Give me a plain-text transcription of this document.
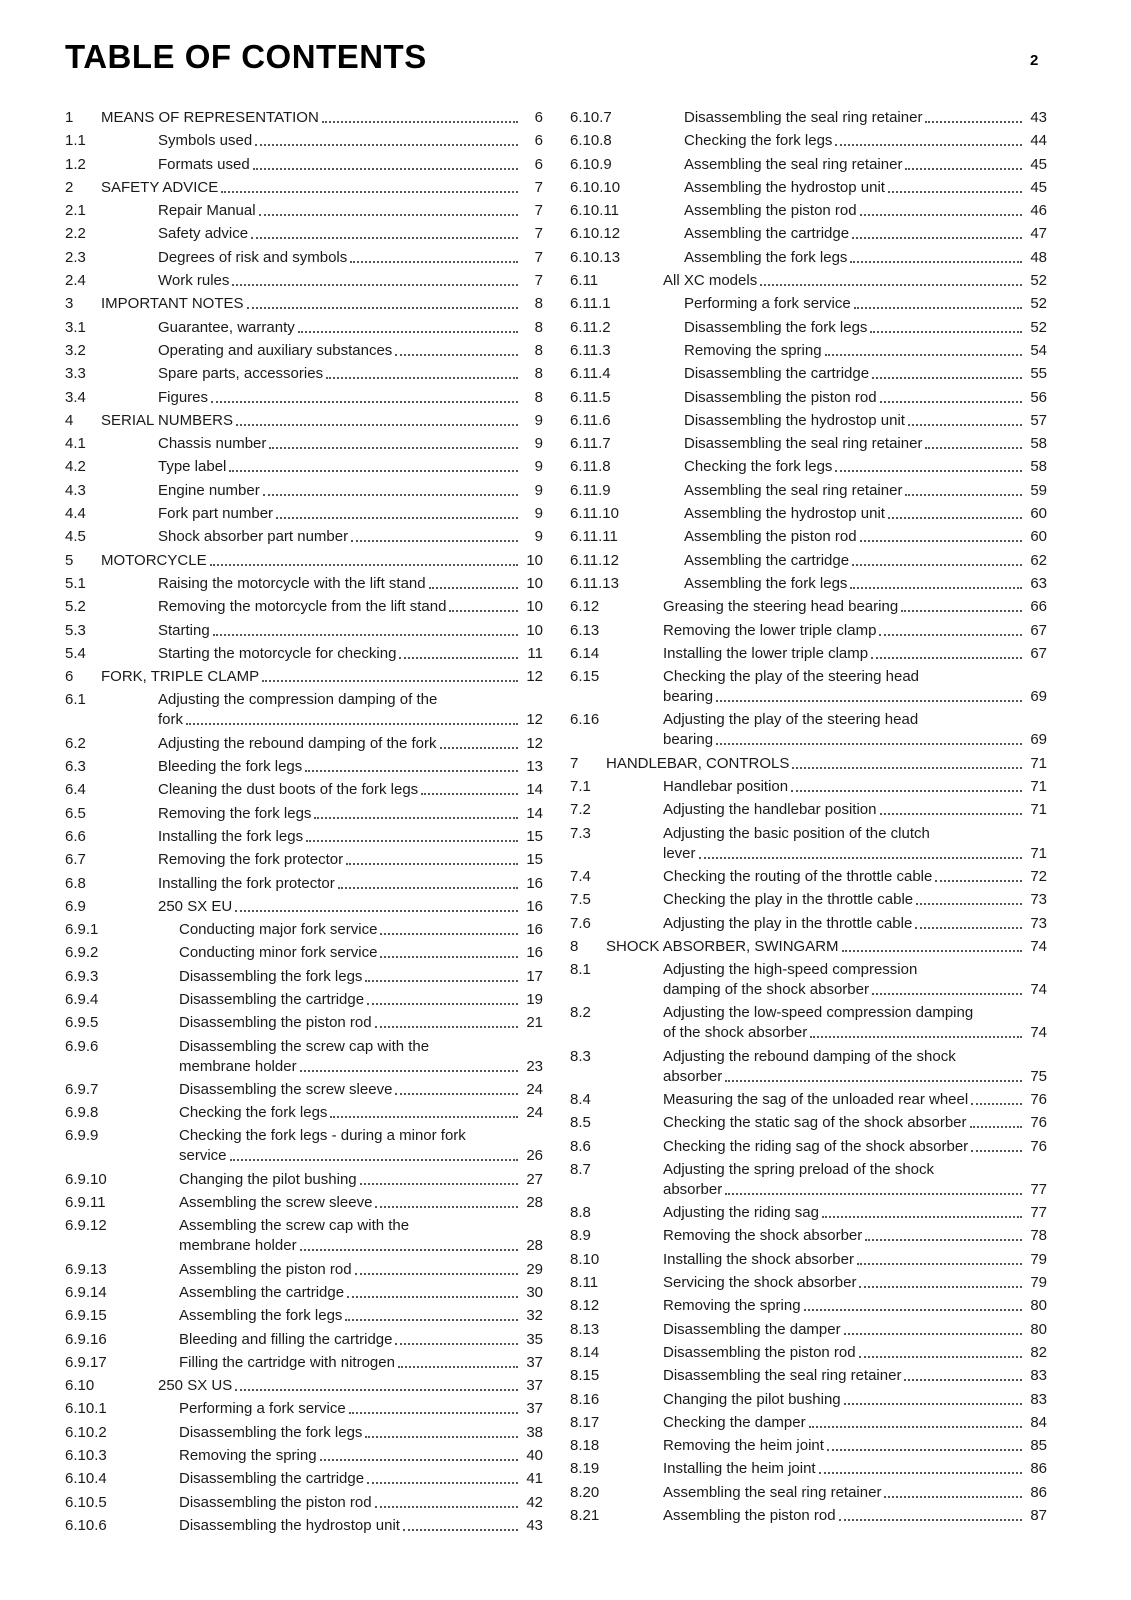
TABLE OF CONTENTS	2
1 MEANS OF REPRESENTATION	6
1.1	Symbols used	6
1.2	Formats used	6
2 SAFETY ADVICE	7
2.1	Repair Manual	7
2.2	Safety advice	7
2.3	Degrees of risk and symbols	7
2.4	Work rules	7
3 IMPORTANT NOTES	8
3.1	Guarantee, warranty	8
3.2	Operating and auxiliary substances	8
3.3	Spare parts, accessories	8
3.4	Figures	8
4 SERIAL NUMBERS	9
4.1	Chassis number	9
4.2	Type label	9
4.3	Engine number	9
4.4	Fork part number	9
4.5	Shock absorber part number	9
5 MOTORCYCLE	10
5.1	Raising the motorcycle with the lift stand	10
5.2	Removing the motorcycle from the lift stand	10
5.3	Starting	10
5.4	Starting the motorcycle for checking	11
6 FORK, TRIPLE CLAMP	12
6.1	Adjusting the compression damping of the
fork	12
6.2	Adjusting the rebound damping of the fork	12
6.3	Bleeding the fork legs	13
6.4	Cleaning the dust boots of the fork legs	14
6.5	Removing the fork legs	14
6.6	Installing the fork legs	15
6.7	Removing the fork protector	15
6.8	Installing the fork protector	16
6.9	250 SX EU	16
6.9.1	Conducting major fork service	16
6.9.2	Conducting minor fork service	16
6.9.3	Disassembling the fork legs	17
6.9.4	Disassembling the cartridge	19
6.9.5	Disassembling the piston rod	21
6.9.6	Disassembling the screw cap with the
membrane holder	23
6.9.7	Disassembling the screw sleeve	24
6.9.8	Checking the fork legs	24
6.9.9	Checking the fork legs - during a minor fork
service	26
6.9.10	Changing the pilot bushing	27
6.9.11	Assembling the screw sleeve	28
6.9.12	Assembling the screw cap with the
membrane holder	28
6.9.13	Assembling the piston rod	29
6.9.14	Assembling the cartridge	30
6.9.15	Assembling the fork legs	32
6.9.16	Bleeding and filling the cartridge	35
6.9.17	Filling the cartridge with nitrogen	37
6.10	250 SX US	37
6.10.1	Performing a fork service	37
6.10.2	Disassembling the fork legs	38
6.10.3	Removing the spring	40
6.10.4	Disassembling the cartridge	41
6.10.5	Disassembling the piston rod	42
6.10.6	Disassembling the hydrostop unit	43
6.10.7	Disassembling the seal ring retainer	43
6.10.8	Checking the fork legs	44
6.10.9	Assembling the seal ring retainer	45
6.10.10	Assembling the hydrostop unit	45
6.10.11	Assembling the piston rod	46
6.10.12	Assembling the cartridge	47
6.10.13	Assembling the fork legs	48
6.11	All XC models	52
6.11.1	Performing a fork service	52
6.11.2	Disassembling the fork legs	52
6.11.3	Removing the spring	54
6.11.4	Disassembling the cartridge	55
6.11.5	Disassembling the piston rod	56
6.11.6	Disassembling the hydrostop unit	57
6.11.7	Disassembling the seal ring retainer	58
6.11.8	Checking the fork legs	58
6.11.9	Assembling the seal ring retainer	59
6.11.10	Assembling the hydrostop unit	60
6.11.11	Assembling the piston rod	60
6.11.12	Assembling the cartridge	62
6.11.13	Assembling the fork legs	63
6.12	Greasing the steering head bearing	66
6.13	Removing the lower triple clamp	67
6.14	Installing the lower triple clamp	67
6.15	Checking the play of the steering head
bearing	69
6.16	Adjusting the play of the steering head
bearing	69
7 HANDLEBAR, CONTROLS	71
7.1	Handlebar position	71
7.2	Adjusting the handlebar position	71
7.3	Adjusting the basic position of the clutch
lever	71
7.4	Checking the routing of the throttle cable	72
7.5	Checking the play in the throttle cable	73
7.6	Adjusting the play in the throttle cable	73
8 SHOCK ABSORBER, SWINGARM	74
8.1	Adjusting the high-speed compression
damping of the shock absorber	74
8.2	Adjusting the low-speed compression damping
of the shock absorber	74
8.3	Adjusting the rebound damping of the shock
absorber	75
8.4	Measuring the sag of the unloaded rear wheel	76
8.5	Checking the static sag of the shock absorber	76
8.6	Checking the riding sag of the shock absorber	76
8.7	Adjusting the spring preload of the shock
absorber	77
8.8	Adjusting the riding sag	77
8.9	Removing the shock absorber	78
8.10	Installing the shock absorber	79
8.11	Servicing the shock absorber	79
8.12	Removing the spring	80
8.13	Disassembling the damper	80
8.14	Disassembling the piston rod	82
8.15	Disassembling the seal ring retainer	83
8.16	Changing the pilot bushing	83
8.17	Checking the damper	84
8.18	Removing the heim joint	85
8.19	Installing the heim joint	86
8.20	Assembling the seal ring retainer	86
8.21	Assembling the piston rod	87
